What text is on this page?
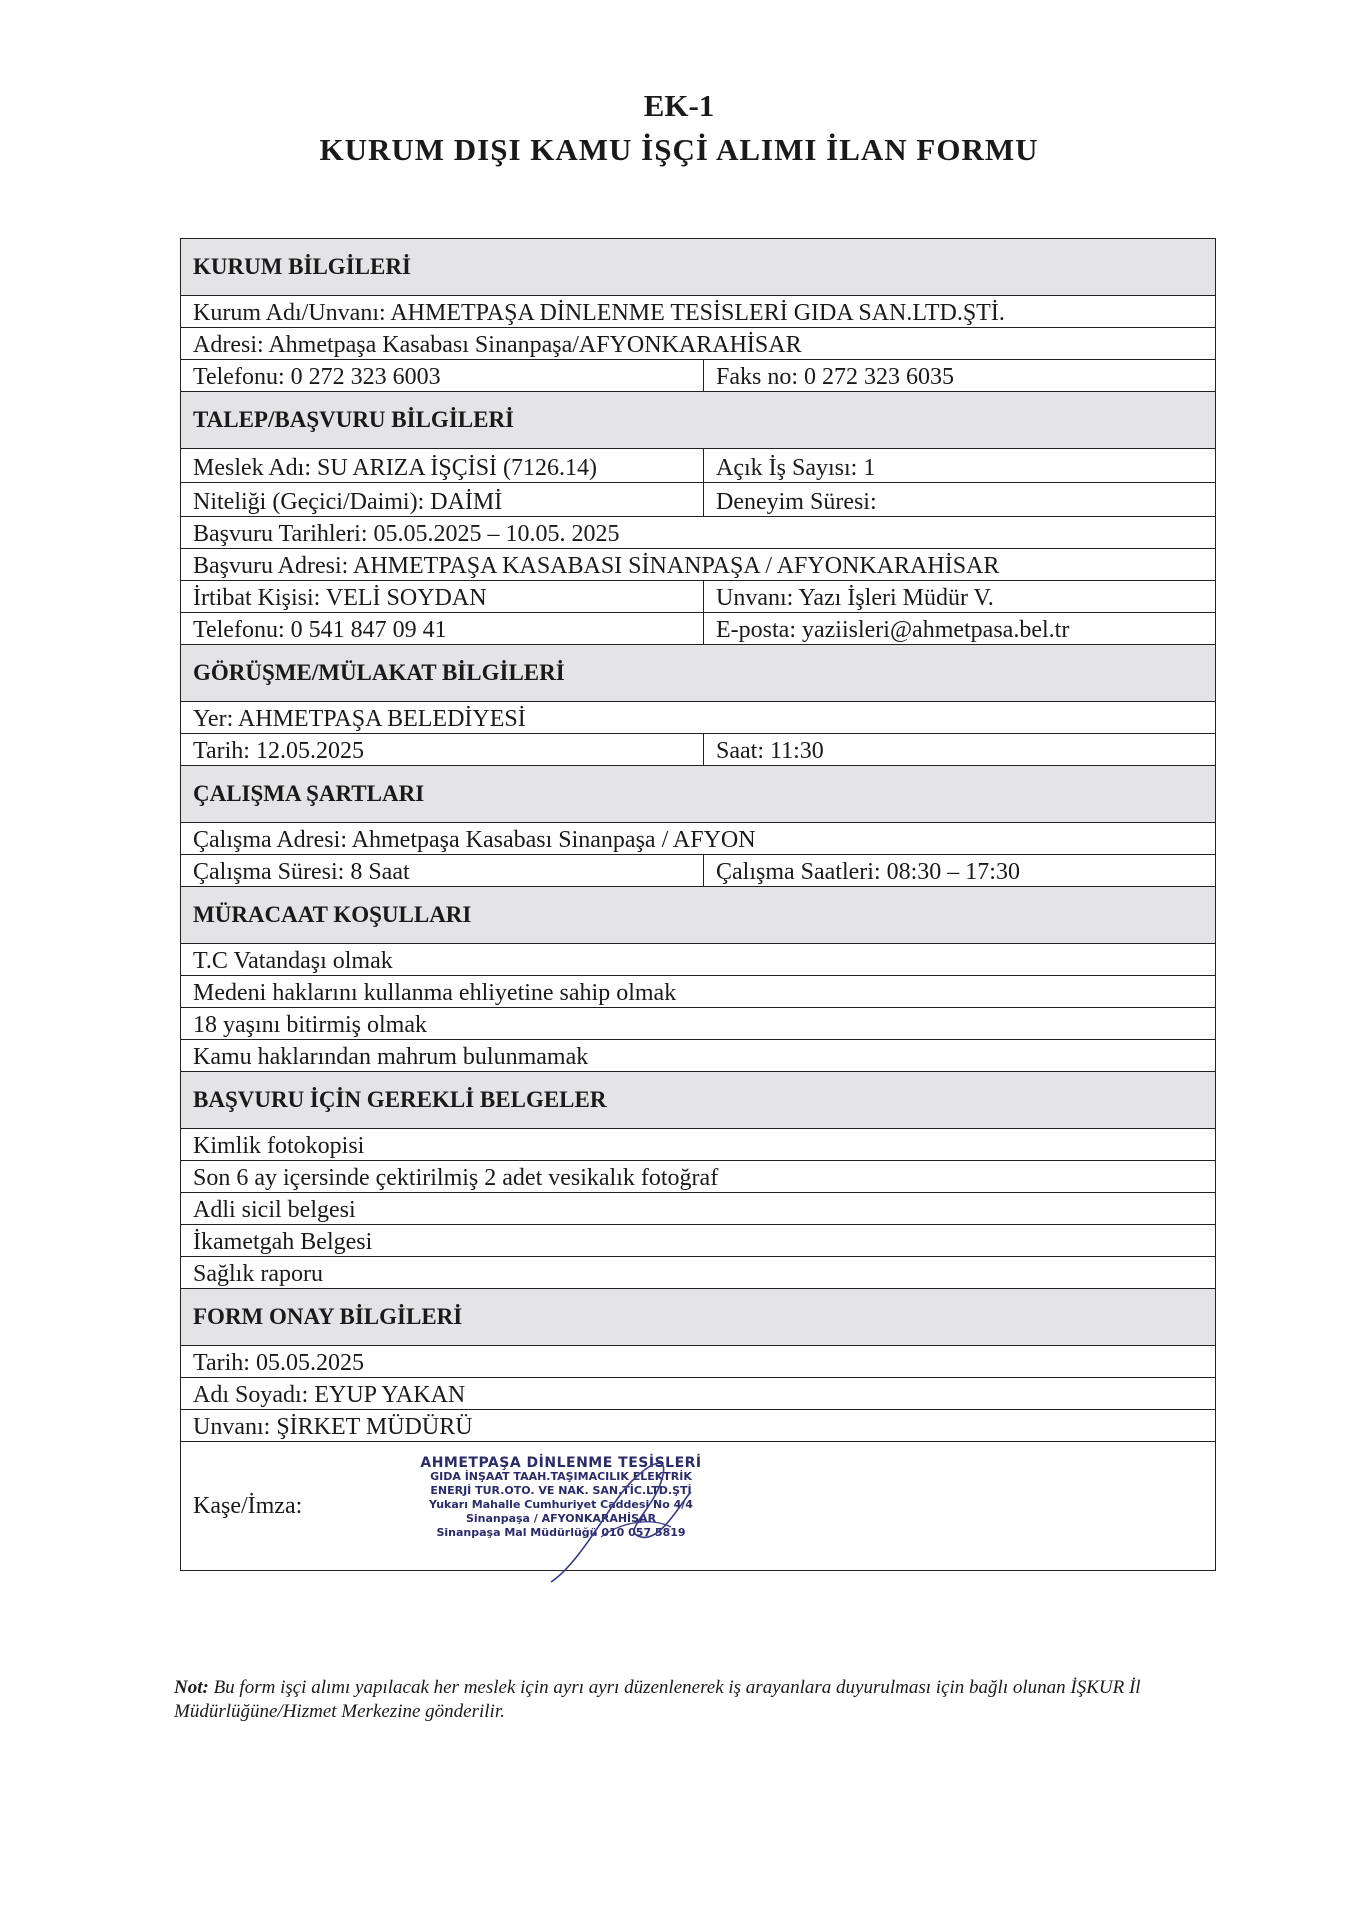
EK-1
KURUM DIŞI KAMU İŞÇİ ALIMI İLAN FORMU
KURUM BİLGİLERİ
Kurum Adı/Unvanı: AHMETPAŞA DİNLENME TESİSLERİ GIDA SAN.LTD.ŞTİ.
Adresi: Ahmetpaşa Kasabası Sinanpaşa/AFYONKARAHİSAR
Telefonu: 0 272 323 6003	Faks no: 0 272 323 6035
TALEP/BAŞVURU BİLGİLERİ
Meslek Adı: SU ARIZA İŞÇİSİ (7126.14)	Açık İş Sayısı: 1
Niteliği (Geçici/Daimi): DAİMİ	Deneyim Süresi:
Başvuru Tarihleri: 05.05.2025 – 10.05. 2025
Başvuru Adresi: AHMETPAŞA KASABASI SİNANPAŞA / AFYONKARAHİSAR
İrtibat Kişisi: VELİ SOYDAN	Unvanı: Yazı İşleri Müdür V.
Telefonu: 0 541 847 09 41	E-posta: yaziisleri@ahmetpasa.bel.tr
GÖRÜŞME/MÜLAKAT BİLGİLERİ
Yer: AHMETPAŞA BELEDİYESİ
Tarih: 12.05.2025	Saat: 11:30
ÇALIŞMA ŞARTLARI
Çalışma Adresi: Ahmetpaşa Kasabası Sinanpaşa / AFYON
Çalışma Süresi: 8 Saat	Çalışma Saatleri: 08:30 – 17:30
MÜRACAAT KOŞULLARI
T.C Vatandaşı olmak
Medeni haklarını kullanma ehliyetine sahip olmak
18 yaşını bitirmiş olmak
Kamu haklarından mahrum bulunmamak
BAŞVURU İÇİN GEREKLİ BELGELER
Kimlik fotokopisi
Son 6 ay içersinde çektirilmiş 2 adet vesikalık fotoğraf
Adli sicil belgesi
İkametgah Belgesi
Sağlık raporu
FORM ONAY BİLGİLERİ
Tarih: 05.05.2025
Adı Soyadı: EYUP YAKAN
Unvanı: ŞİRKET MÜDÜRÜ
Kaşe/İmza:
AHMETPAŞA DİNLENME TESİSLERİ
GIDA İNŞAAT TAAH.TAŞIMACILIK ELEKTRİK
ENERJİ TUR.OTO. VE NAK. SAN.TİC.LTD.ŞTİ
Yukarı Mahalle Cumhuriyet Caddesi No 4/4
Sinanpaşa / AFYONKARAHİSAR
Sinanpaşa Mal Müdürlüğü 010 057 5819
Not: Bu form işçi alımı yapılacak her meslek için ayrı ayrı düzenlenerek iş arayanlara duyurulması için bağlı olunan İŞKUR İl Müdürlüğüne/Hizmet Merkezine gönderilir.
